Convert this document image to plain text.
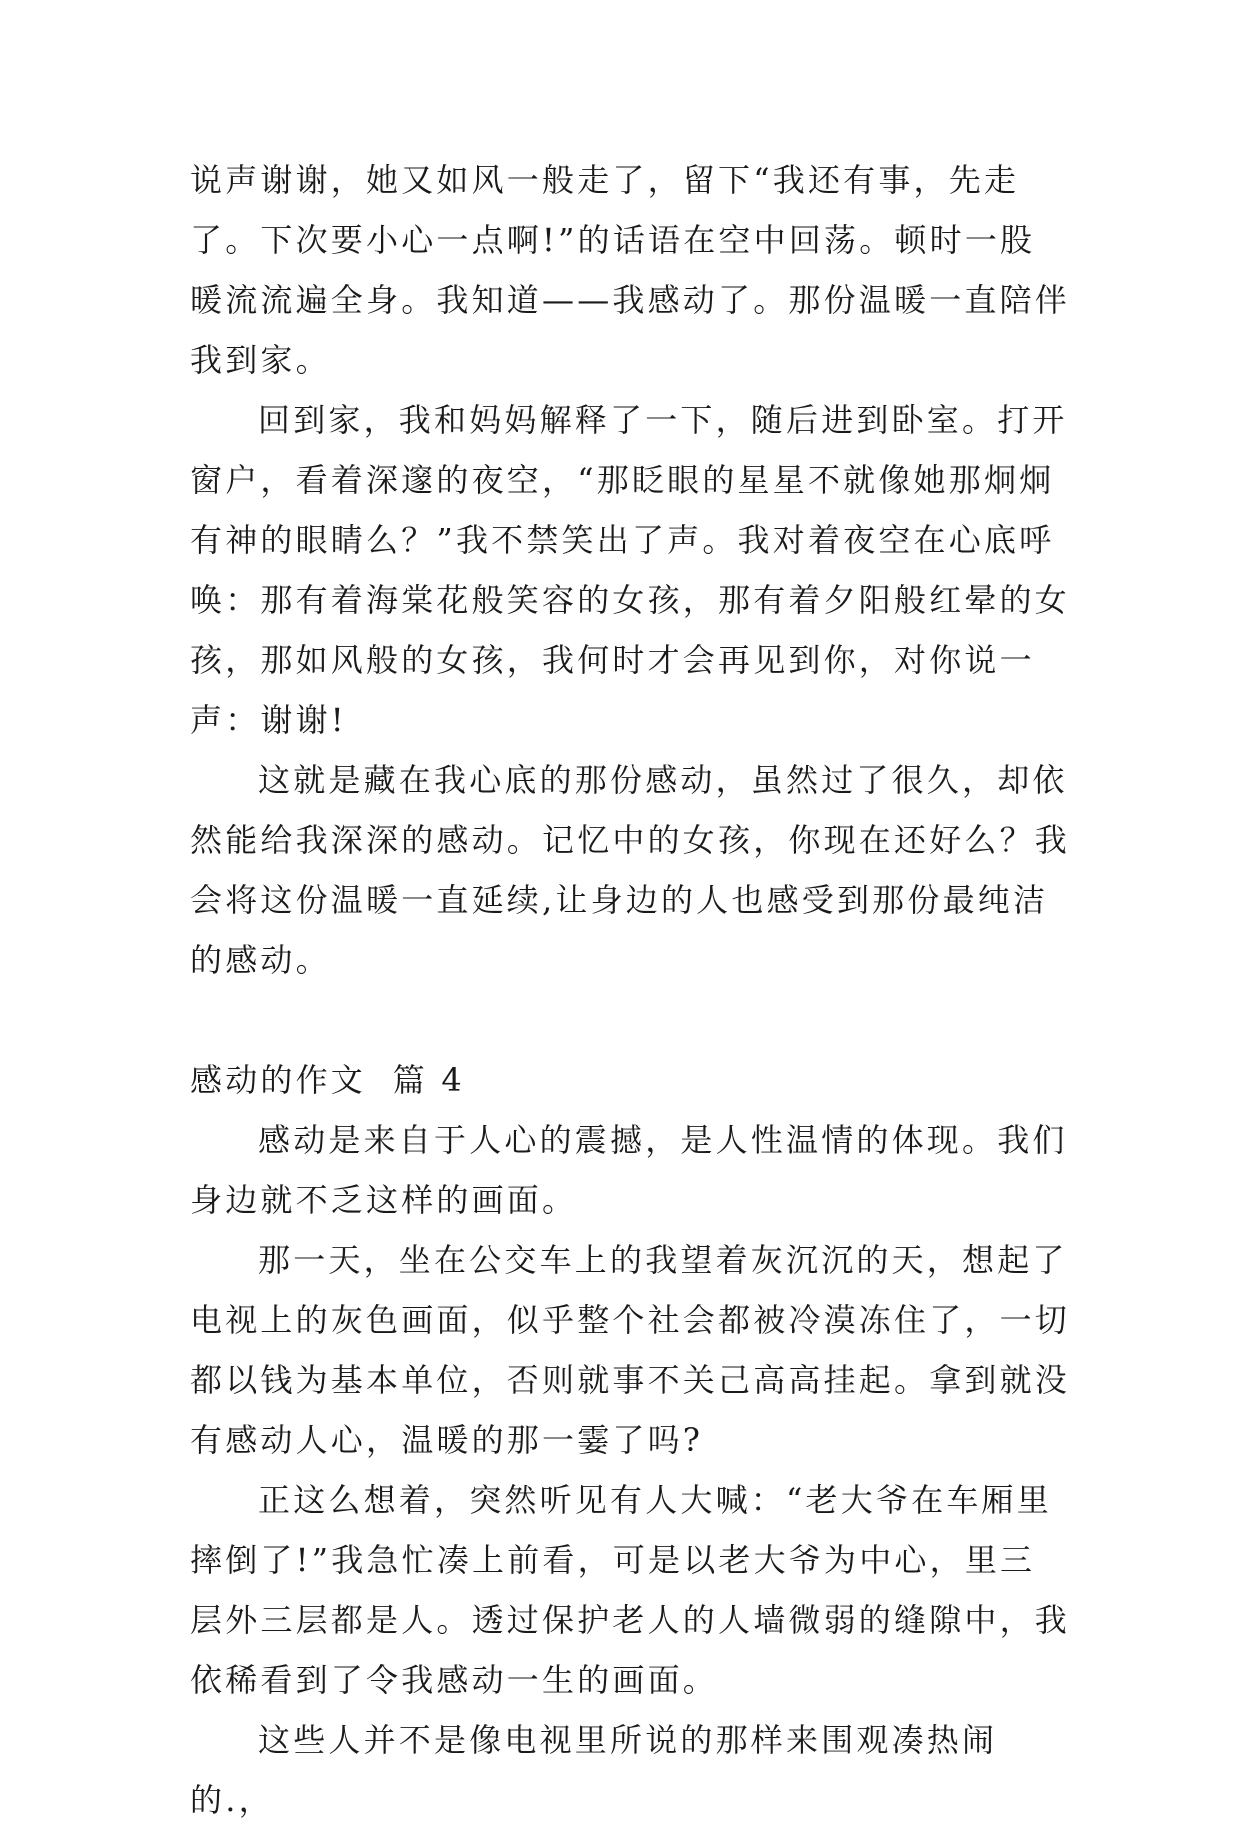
说声谢谢，她又如风一般走了，留下“我还有事，先走了。下次要小心一点啊!”的话语在空中回荡。顿时一股暖流流遍全身。我知道——我感动了。那份温暖一直陪伴我到家。

回到家，我和妈妈解释了一下，随后进到卧室。打开窗户，看着深邃的夜空，“那眨眼的星星不就像她那炯炯有神的眼睛么？”我不禁笑出了声。我对着夜空在心底呼唤：那有着海棠花般笑容的女孩，那有着夕阳般红晕的女孩，那如风般的女孩，我何时才会再见到你，对你说一声：谢谢!

这就是藏在我心底的那份感动，虽然过了很久，却依然能给我深深的感动。记忆中的女孩，你现在还好么？我会将这份温暖一直延续,让身边的人也感受到那份最纯洁的感动。

感动的作文  篇 4

感动是来自于人心的震撼，是人性温情的体现。我们身边就不乏这样的画面。

那一天，坐在公交车上的我望着灰沉沉的天，想起了电视上的灰色画面，似乎整个社会都被冷漠冻住了，一切都以钱为基本单位，否则就事不关己高高挂起。拿到就没有感动人心，温暖的那一霎了吗?

正这么想着，突然听见有人大喊：“老大爷在车厢里摔倒了!”我急忙凑上前看，可是以老大爷为中心，里三层外三层都是人。透过保护老人的人墙微弱的缝隙中，我依稀看到了令我感动一生的画面。

这些人并不是像电视里所说的那样来围观凑热闹的.，
